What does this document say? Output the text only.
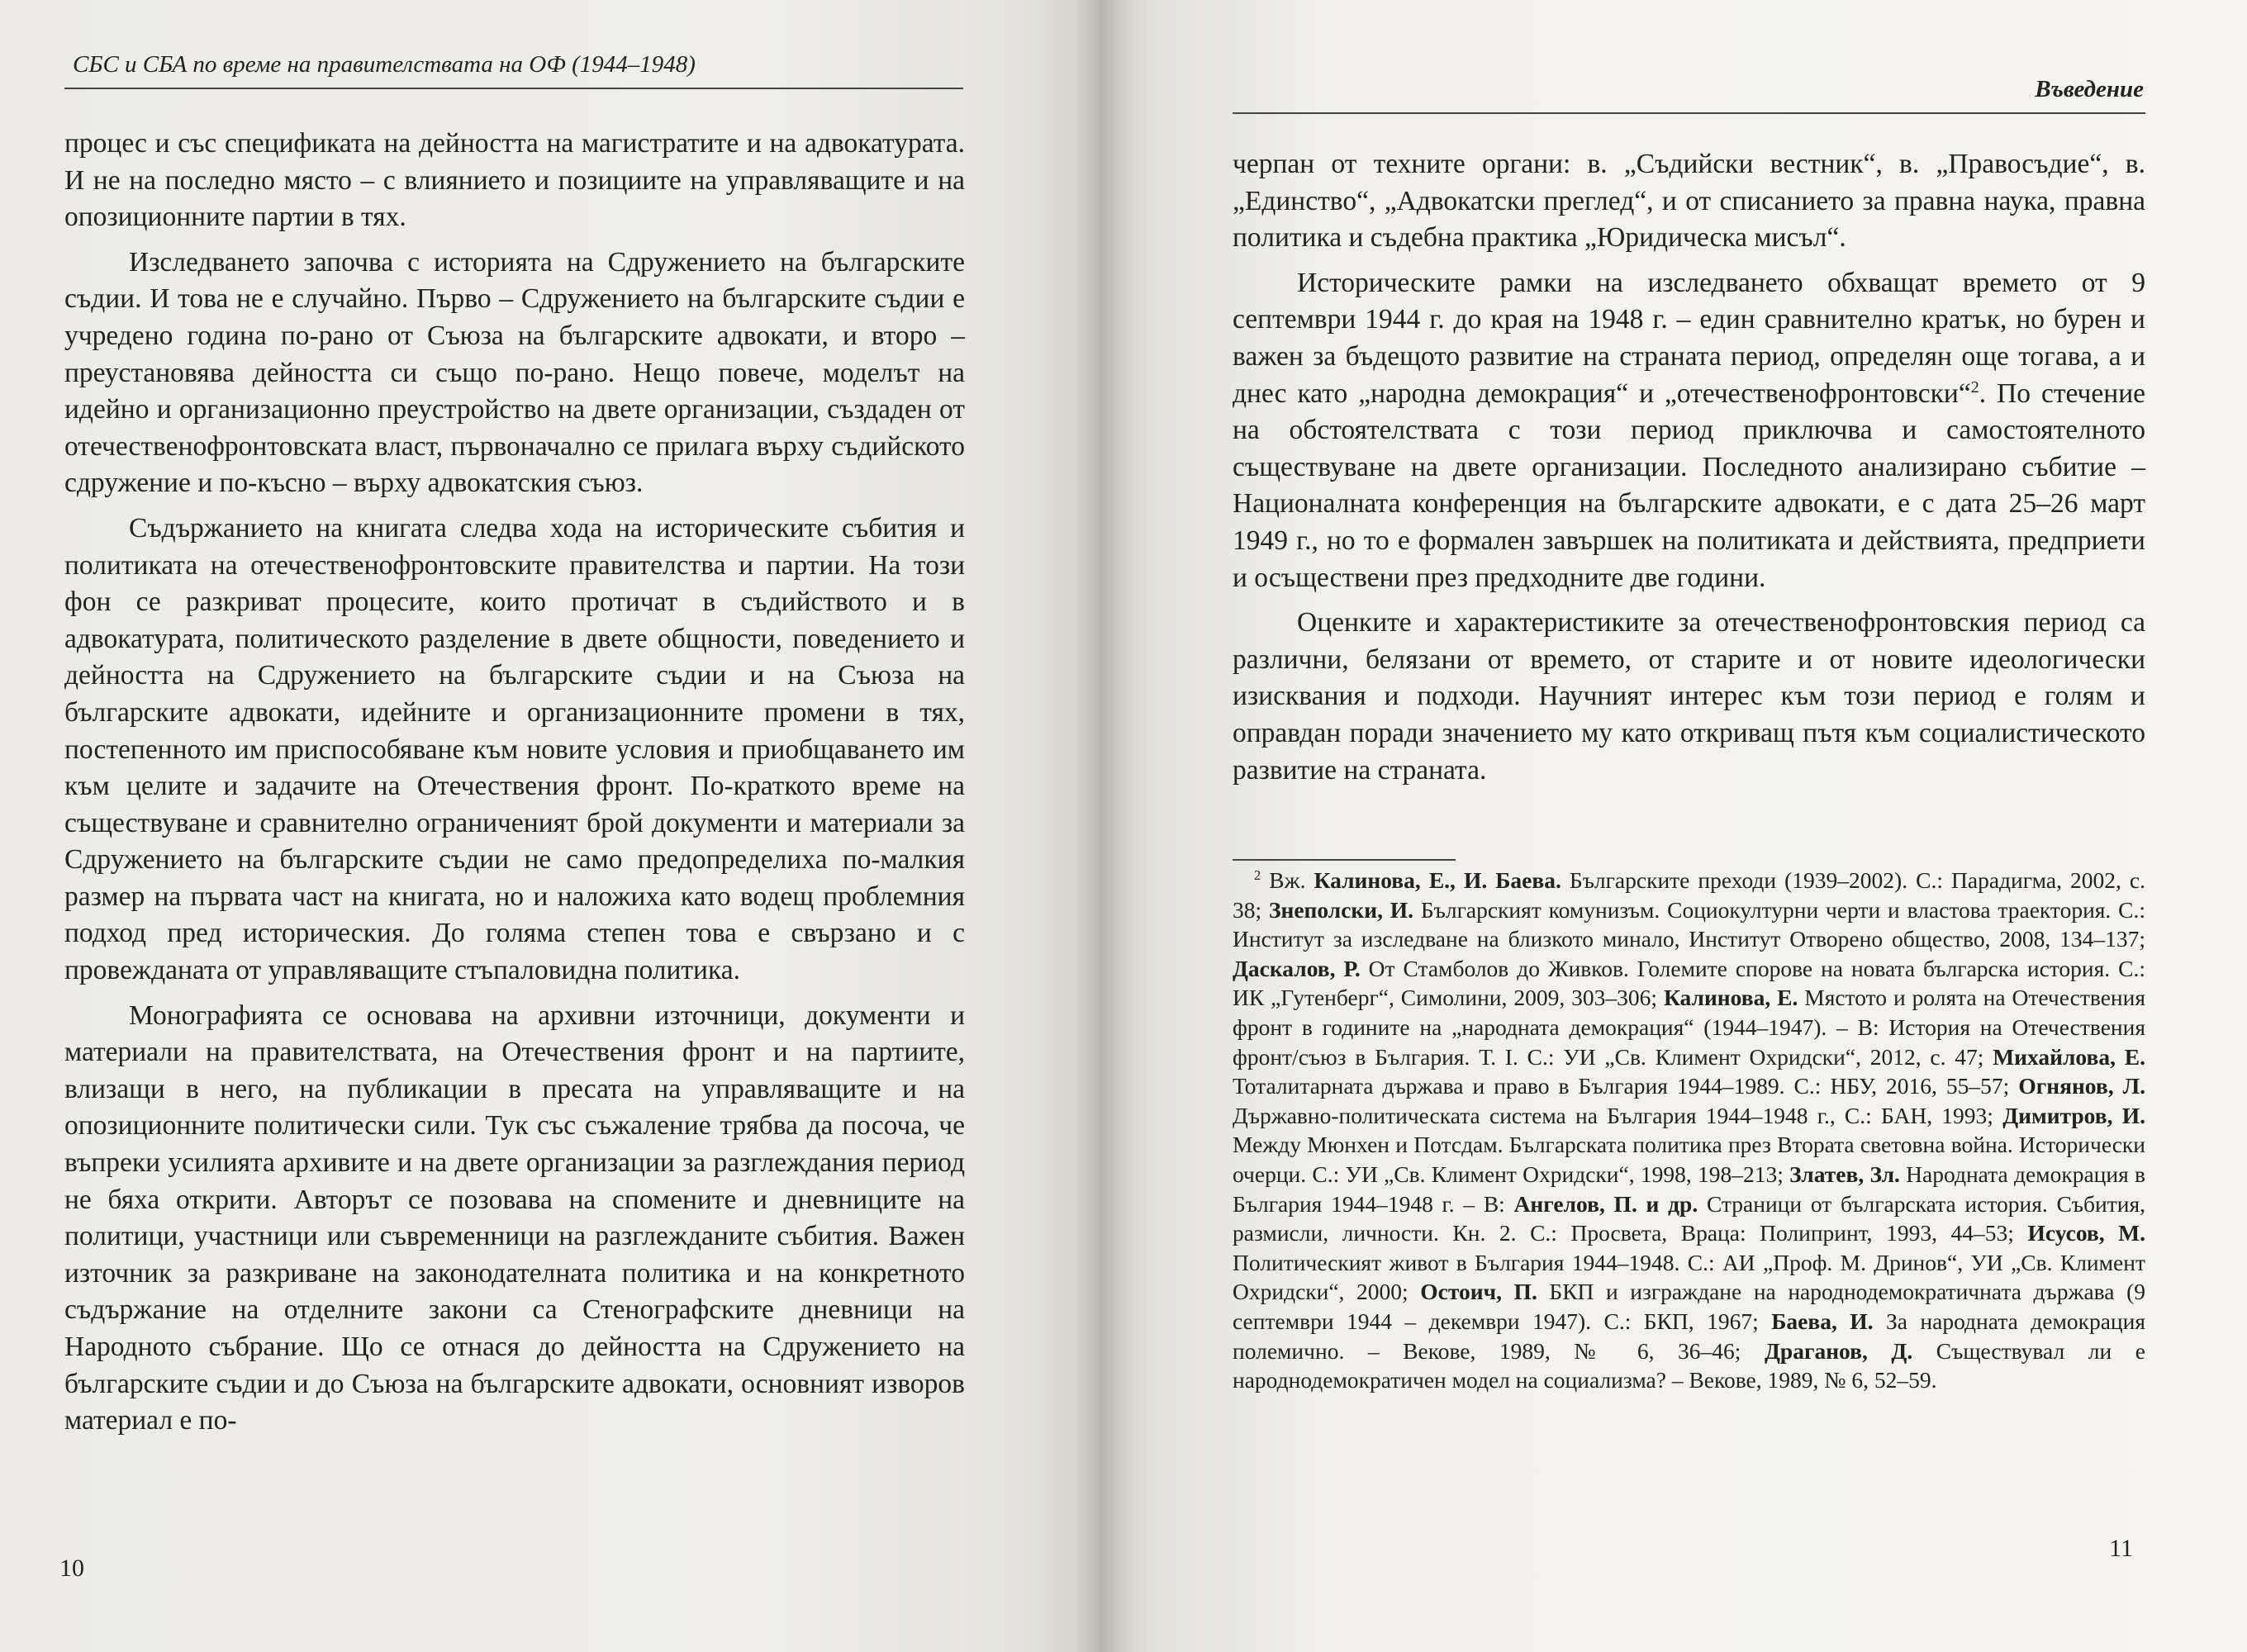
СБС и СБА по време на правителствата на ОФ (1944–1948)

процес и със спецификата на дейността на магистратите и на адвокатурата. И не на последно място – с влиянието и позициите на управляващите и на опозиционните партии в тях.

Изследването започва с историята на Сдружението на българските съдии. И това не е случайно. Първо – Сдружението на българските съдии е учредено година по-рано от Съюза на българските адвокати, и второ – преустановява дейността си също по-рано. Нещо повече, моделът на идейно и организационно преустройство на двете организации, създаден от отечественофронтовската власт, първоначално се прилага върху съдийското сдружение и по-късно – върху адвокатския съюз.

Съдържанието на книгата следва хода на историческите събития и политиката на отечественофронтовските правителства и партии. На този фон се разкриват процесите, които протичат в съдийството и в адвокатурата, политическото разделение в двете общности, поведението и дейността на Сдружението на българските съдии и на Съюза на българските адвокати, идейните и организационните промени в тях, постепенното им приспособяване към новите условия и приобщаването им към целите и задачите на Отечествения фронт. По-краткото време на съществуване и сравнително ограниченият брой документи и материали за Сдружението на българските съдии не само предопределиха по-малкия размер на първата част на книгата, но и наложиха като водещ проблемния подход пред историческия. До голяма степен това е свързано и с провежданата от управляващите стъпаловидна политика.

Монографията се основава на архивни източници, документи и материали на правителствата, на Отечествения фронт и на партиите, влизащи в него, на публикации в пресата на управляващите и на опозиционните политически сили. Тук със съжаление трябва да посоча, че въпреки усилията архивите и на двете организации за разглеждания период не бяха открити. Авторът се позовава на спомените и дневниците на политици, участници или съвременници на разглежданите събития. Важен източник за разкриване на законодателната политика и на конкретното съдържание на отделните закони са Стенографските дневници на Народното събрание. Що се отнася до дейността на Сдружението на българските съдии и до Съюза на българските адвокати, основният изворов материал е по-

10
Въведение

черпан от техните органи: в. „Съдийски вестник“, в. „Правосъдие“, в. „Единство“, „Адвокатски преглед“, и от списанието за правна наука, правна политика и съдебна практика „Юридическа мисъл“.

Историческите рамки на изследването обхващат времето от 9 септември 1944 г. до края на 1948 г. – един сравнително кратък, но бурен и важен за бъдещото развитие на страната период, определян още тогава, а и днес като „народна демокрация“ и „отечественофронтовски“$^2$. По стечение на обстоятелствата с този период приключва и самостоятелното съществуване на двете организации. Последното анализирано събитие – Националната конференция на българските адвокати, е с дата 25–26 март 1949 г., но то е формален завършек на политиката и действията, предприети и осъществени през предходните две години.

Оценките и характеристиките за отечественофронтовския период са различни, белязани от времето, от старите и от новите идеологически изисквания и подходи. Научният интерес към този период е голям и оправдан поради значението му като откриващ пътя към социалистическото развитие на страната.

$^2$ Вж. Калинова, Е., И. Баева. Българските преходи (1939–2002). С.: Парадигма, 2002, с. 38; Знеполски, И. Българският комунизъм. Социокултурни черти и властова траектория. С.: Институт за изследване на близкото минало, Институт Отворено общество, 2008, 134–137; Даскалов, Р. От Стамболов до Живков. Големите спорове на новата българска история. С.: ИК „Гутенберг“, Симолини, 2009, 303–306; Калинова, Е. Мястото и ролята на Отечествения фронт в годините на „народната демокрация“ (1944–1947). – В: История на Отечествения фронт/съюз в България. Т. I. С.: УИ „Св. Климент Охридски“, 2012, с. 47; Михайлова, Е. Тоталитарната държава и право в България 1944–1989. С.: НБУ, 2016, 55–57; Огнянов, Л. Държавно-политическата система на България 1944–1948 г., С.: БАН, 1993; Димитров, И. Между Мюнхен и Потсдам. Българската политика през Втората световна война. Исторически очерци. С.: УИ „Св. Климент Охридски“, 1998, 198–213; Златев, Зл. Народната демокрация в България 1944–1948 г. – В: Ангелов, П. и др. Страници от българската история. Събития, размисли, личности. Кн. 2. С.: Просвета, Враца: Полипринт, 1993, 44–53; Исусов, М. Политическият живот в България 1944–1948. С.: АИ „Проф. М. Дринов“, УИ „Св. Климент Охридски“, 2000; Остоич, П. БКП и изграждане на народнодемократичната държава (9 септември 1944 – декември 1947). С.: БКП, 1967; Баева, И. За народната демокрация полемично. – Векове, 1989, № 6, 36–46; Драганов, Д. Съществувал ли е народнодемократичен модел на социализма? – Векове, 1989, № 6, 52–59.

11
